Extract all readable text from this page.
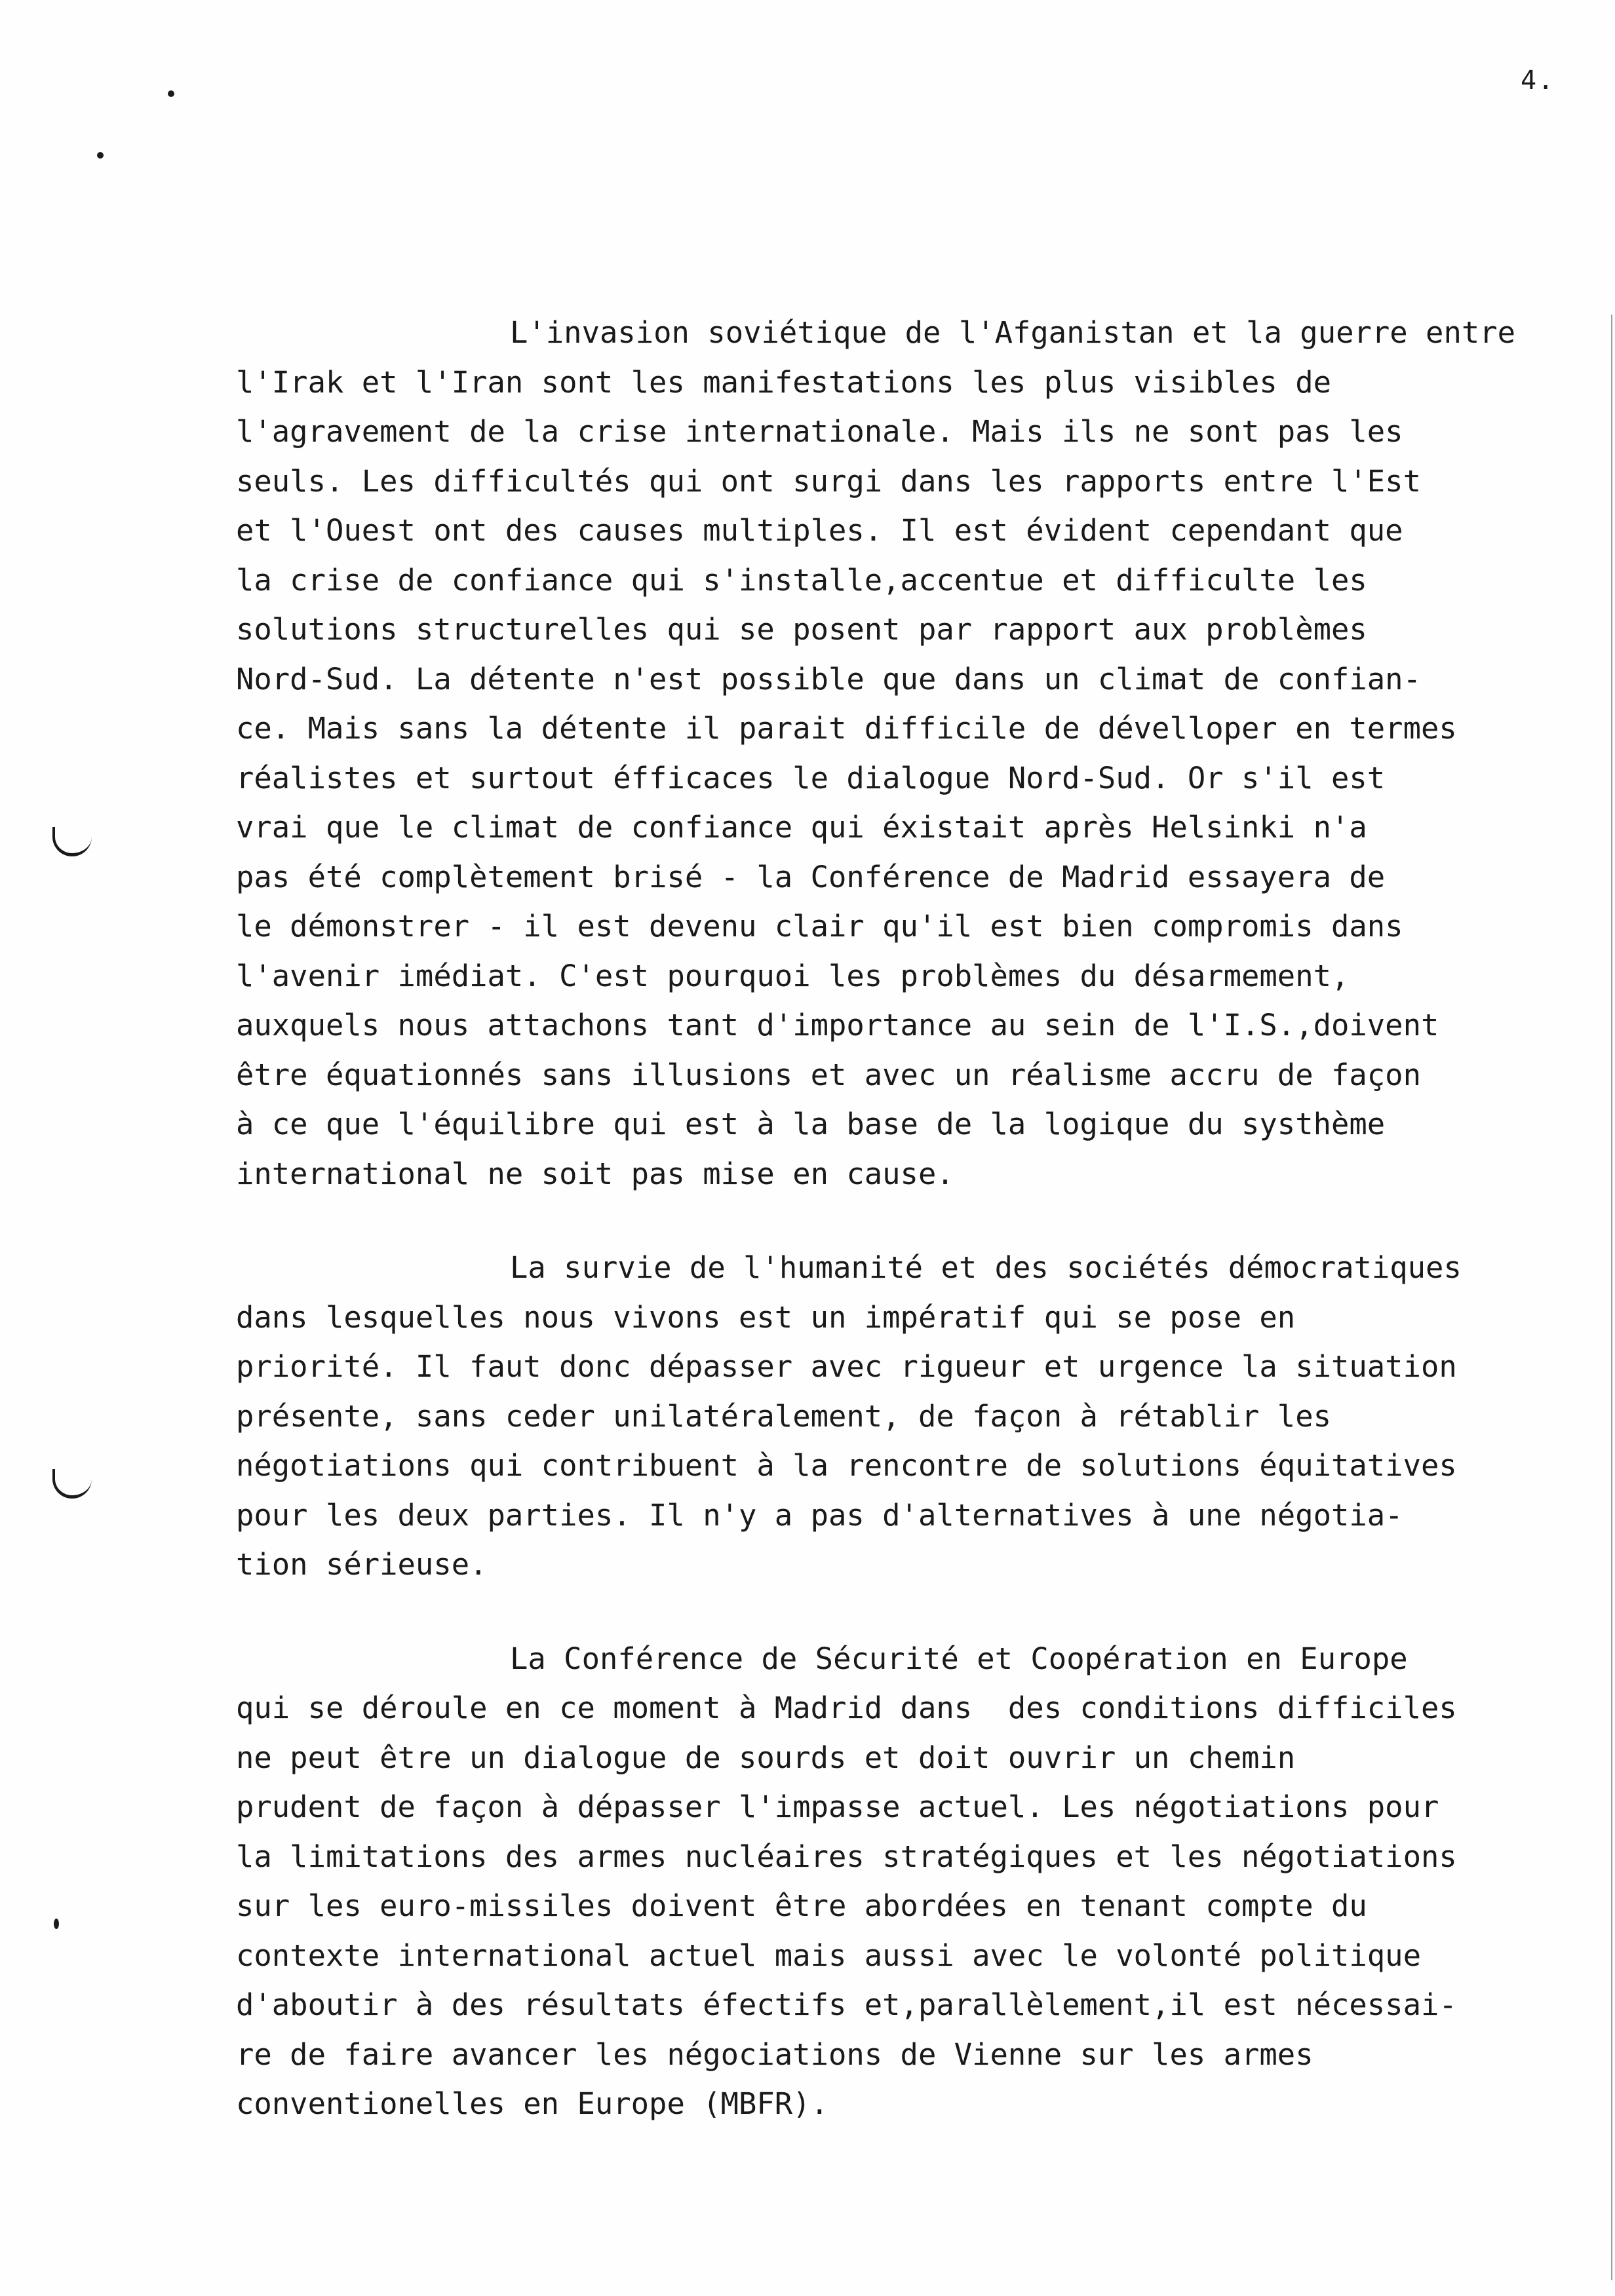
4.
L'invasion soviétique de l'Afganistan et la guerre entre
l'Irak et l'Iran sont les manifestations les plus visibles de
l'agravement de la crise internationale. Mais ils ne sont pas les
seuls. Les difficultés qui ont surgi dans les rapports entre l'Est
et l'Ouest ont des causes multiples. Il est évident cependant que
la crise de confiance qui s'installe,accentue et difficulte les
solutions structurelles qui se posent par rapport aux problèmes
Nord-Sud. La détente n'est possible que dans un climat de confian-
ce. Mais sans la détente il parait difficile de dévelloper en termes
réalistes et surtout éfficaces le dialogue Nord-Sud. Or s'il est
vrai que le climat de confiance qui éxistait après Helsinki n'a
pas été complètement brisé - la Conférence de Madrid essayera de
le démonstrer - il est devenu clair qu'il est bien compromis dans
l'avenir imédiat. C'est pourquoi les problèmes du désarmement,
auxquels nous attachons tant d'importance au sein de l'I.S.,doivent
être équationnés sans illusions et avec un réalisme accru de façon
à ce que l'équilibre qui est à la base de la logique du systhème
international ne soit pas mise en cause.
La survie de l'humanité et des sociétés démocratiques
dans lesquelles nous vivons est un impératif qui se pose en
priorité. Il faut donc dépasser avec rigueur et urgence la situation
présente, sans ceder unilatéralement, de façon à rétablir les
négotiations qui contribuent à la rencontre de solutions équitatives
pour les deux parties. Il n'y a pas d'alternatives à une négotia-
tion sérieuse.
La Conférence de Sécurité et Coopération en Europe
qui se déroule en ce moment à Madrid dans  des conditions difficiles
ne peut être un dialogue de sourds et doit ouvrir un chemin
prudent de façon à dépasser l'impasse actuel. Les négotiations pour
la limitations des armes nucléaires stratégiques et les négotiations
sur les euro-missiles doivent être abordées en tenant compte du
contexte international actuel mais aussi avec le volonté politique
d'aboutir à des résultats éfectifs et,parallèlement,il est nécessai-
re de faire avancer les négociations de Vienne sur les armes
conventionelles en Europe (MBFR).
